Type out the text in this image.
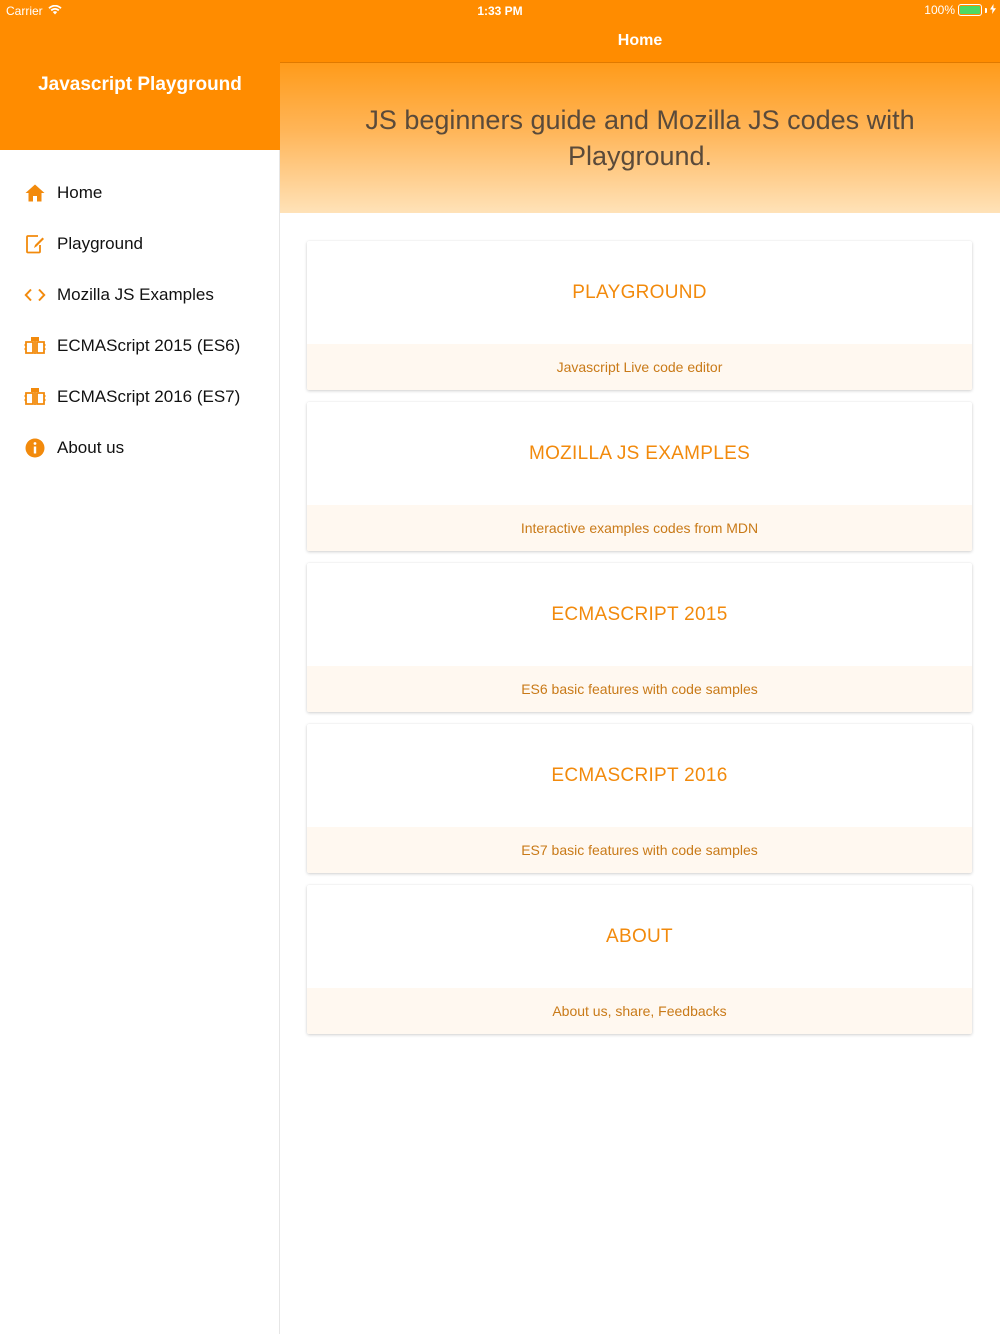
Carrier	1:33 PM	100%
Javascript Playground
Home
Playground
Mozilla JS Examples
ECMAScript 2015 (ES6)
ECMAScript 2016 (ES7)
About us
Home
JS beginners guide and Mozilla JS codes with Playground.
PLAYGROUND
Javascript Live code editor
MOZILLA JS EXAMPLES
Interactive examples codes from MDN
ECMASCRIPT 2015
ES6 basic features with code samples
ECMASCRIPT 2016
ES7 basic features with code samples
ABOUT
About us, share, Feedbacks
